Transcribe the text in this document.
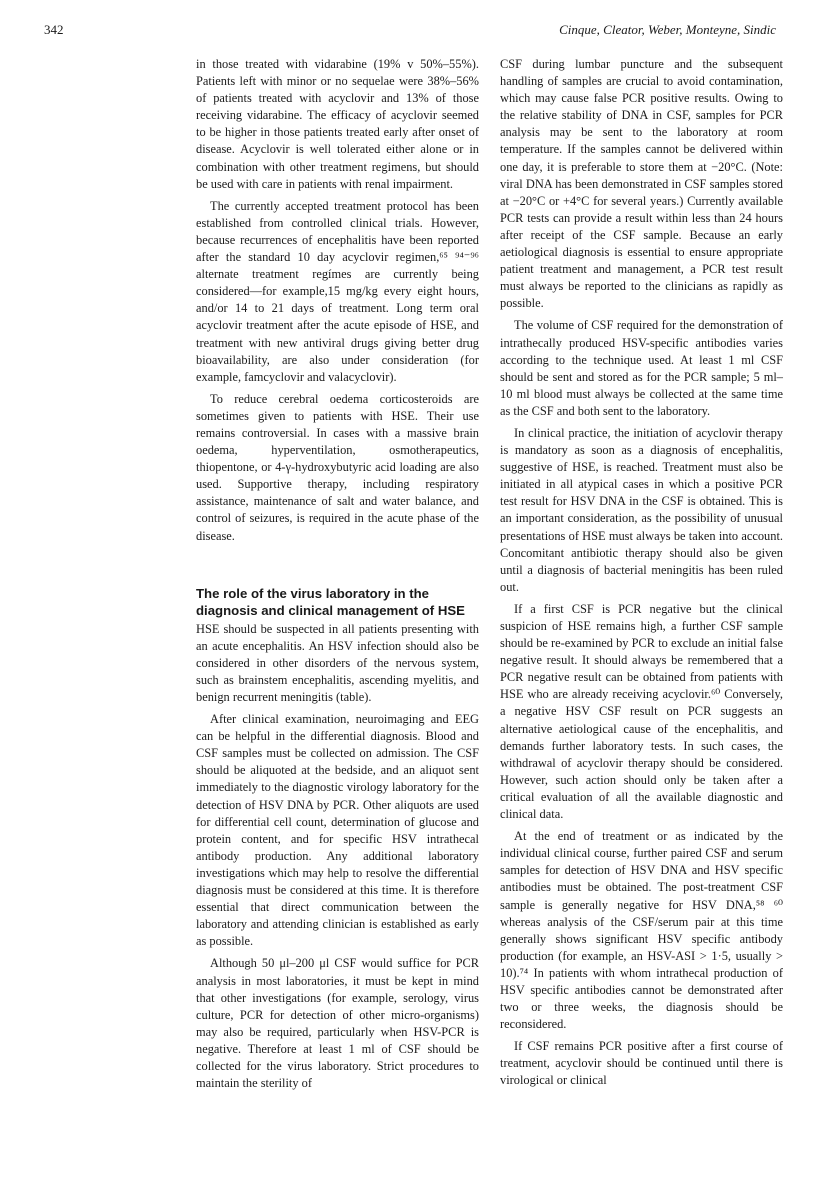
342	Cinque, Cleator, Weber, Monteyne, Sindic

in those treated with vidarabine (19% v 50%–55%). Patients left with minor or no sequelae were 38%–56% of patients treated with acyclovir and 13% of those receiving vidarabine. The efficacy of acyclovir seemed to be higher in those patients treated early after onset of disease. Acyclovir is well tolerated either alone or in combination with other treatment regimens, but should be used with care in patients with renal impairment.

The currently accepted treatment protocol has been established from controlled clinical trials. However, because recurrences of encephalitis have been reported after the standard 10 day acyclovir regimen,⁶⁵ ⁹⁴⁻⁹⁶ alternate treatment regímes are currently being considered—for example,15 mg/kg every eight hours, and/or 14 to 21 days of treatment. Long term oral acyclovir treatment after the acute episode of HSE, and treatment with new antiviral drugs giving better drug bioavailability, are also under consideration (for example, famcyclovir and valacyclovir).

To reduce cerebral oedema corticosteroids are sometimes given to patients with HSE. Their use remains controversial. In cases with a massive brain oedema, hyperventilation, osmotherapeutics, thiopentone, or 4-γ-hydroxybutyric acid loading are also used. Supportive therapy, including respiratory assistance, maintenance of salt and water balance, and control of seizures, is required in the acute phase of the disease.

The role of the virus laboratory in the diagnosis and clinical management of HSE

HSE should be suspected in all patients presenting with an acute encephalitis. An HSV infection should also be considered in other disorders of the nervous system, such as brainstem encephalitis, ascending myelitis, and benign recurrent meningitis (table).

After clinical examination, neuroimaging and EEG can be helpful in the differential diagnosis. Blood and CSF samples must be collected on admission. The CSF should be aliquoted at the bedside, and an aliquot sent immediately to the diagnostic virology laboratory for the detection of HSV DNA by PCR. Other aliquots are used for differential cell count, determination of glucose and protein content, and for specific HSV intrathecal antibody production. Any additional laboratory investigations which may help to resolve the differential diagnosis must be considered at this time. It is therefore essential that direct communication between the laboratory and attending clinician is established as early as possible.

Although 50 μl–200 μl CSF would suffice for PCR analysis in most laboratories, it must be kept in mind that other investigations (for example, serology, virus culture, PCR for detection of other micro-organisms) may also be required, particularly when HSV-PCR is negative. Therefore at least 1 ml of CSF should be collected for the virus laboratory. Strict procedures to maintain the sterility of

CSF during lumbar puncture and the subsequent handling of samples are crucial to avoid contamination, which may cause false PCR positive results. Owing to the relative stability of DNA in CSF, samples for PCR analysis may be sent to the laboratory at room temperature. If the samples cannot be delivered within one day, it is preferable to store them at −20°C. (Note: viral DNA has been demonstrated in CSF samples stored at −20°C or +4°C for several years.) Currently available PCR tests can provide a result within less than 24 hours after receipt of the CSF sample. Because an early aetiological diagnosis is essential to ensure appropriate patient treatment and management, a PCR test result must always be reported to the clinicians as rapidly as possible.

The volume of CSF required for the demonstration of intrathecally produced HSV-specific antibodies varies according to the technique used. At least 1 ml CSF should be sent and stored as for the PCR sample; 5 ml–10 ml blood must always be collected at the same time as the CSF and both sent to the laboratory.

In clinical practice, the initiation of acyclovir therapy is mandatory as soon as a diagnosis of encephalitis, suggestive of HSE, is reached. Treatment must also be initiated in all atypical cases in which a positive PCR test result for HSV DNA in the CSF is obtained. This is an important consideration, as the possibility of unusual presentations of HSE must always be taken into account. Concomitant antibiotic therapy should also be given until a diagnosis of bacterial meningitis has been ruled out.

If a first CSF is PCR negative but the clinical suspicion of HSE remains high, a further CSF sample should be re-examined by PCR to exclude an initial false negative result. It should always be remembered that a PCR negative result can be obtained from patients with HSE who are already receiving acyclovir.⁶⁰ Conversely, a negative HSV CSF result on PCR suggests an alternative aetiological cause of the encephalitis, and demands further laboratory tests. In such cases, the withdrawal of acyclovir therapy should be considered. However, such action should only be taken after a critical evaluation of all the available diagnostic and clinical data.

At the end of treatment or as indicated by the individual clinical course, further paired CSF and serum samples for detection of HSV DNA and HSV specific antibodies must be obtained. The post-treatment CSF sample is generally negative for HSV DNA,⁵⁸ ⁶⁰ whereas analysis of the CSF/serum pair at this time generally shows significant HSV specific antibody production (for example, an HSV-ASI > 1·5, usually > 10).⁷⁴ In patients with whom intrathecal production of HSV specific antibodies cannot be demonstrated after two or three weeks, the diagnosis should be reconsidered.

If CSF remains PCR positive after a first course of treatment, acyclovir should be continued until there is virological or clinical
